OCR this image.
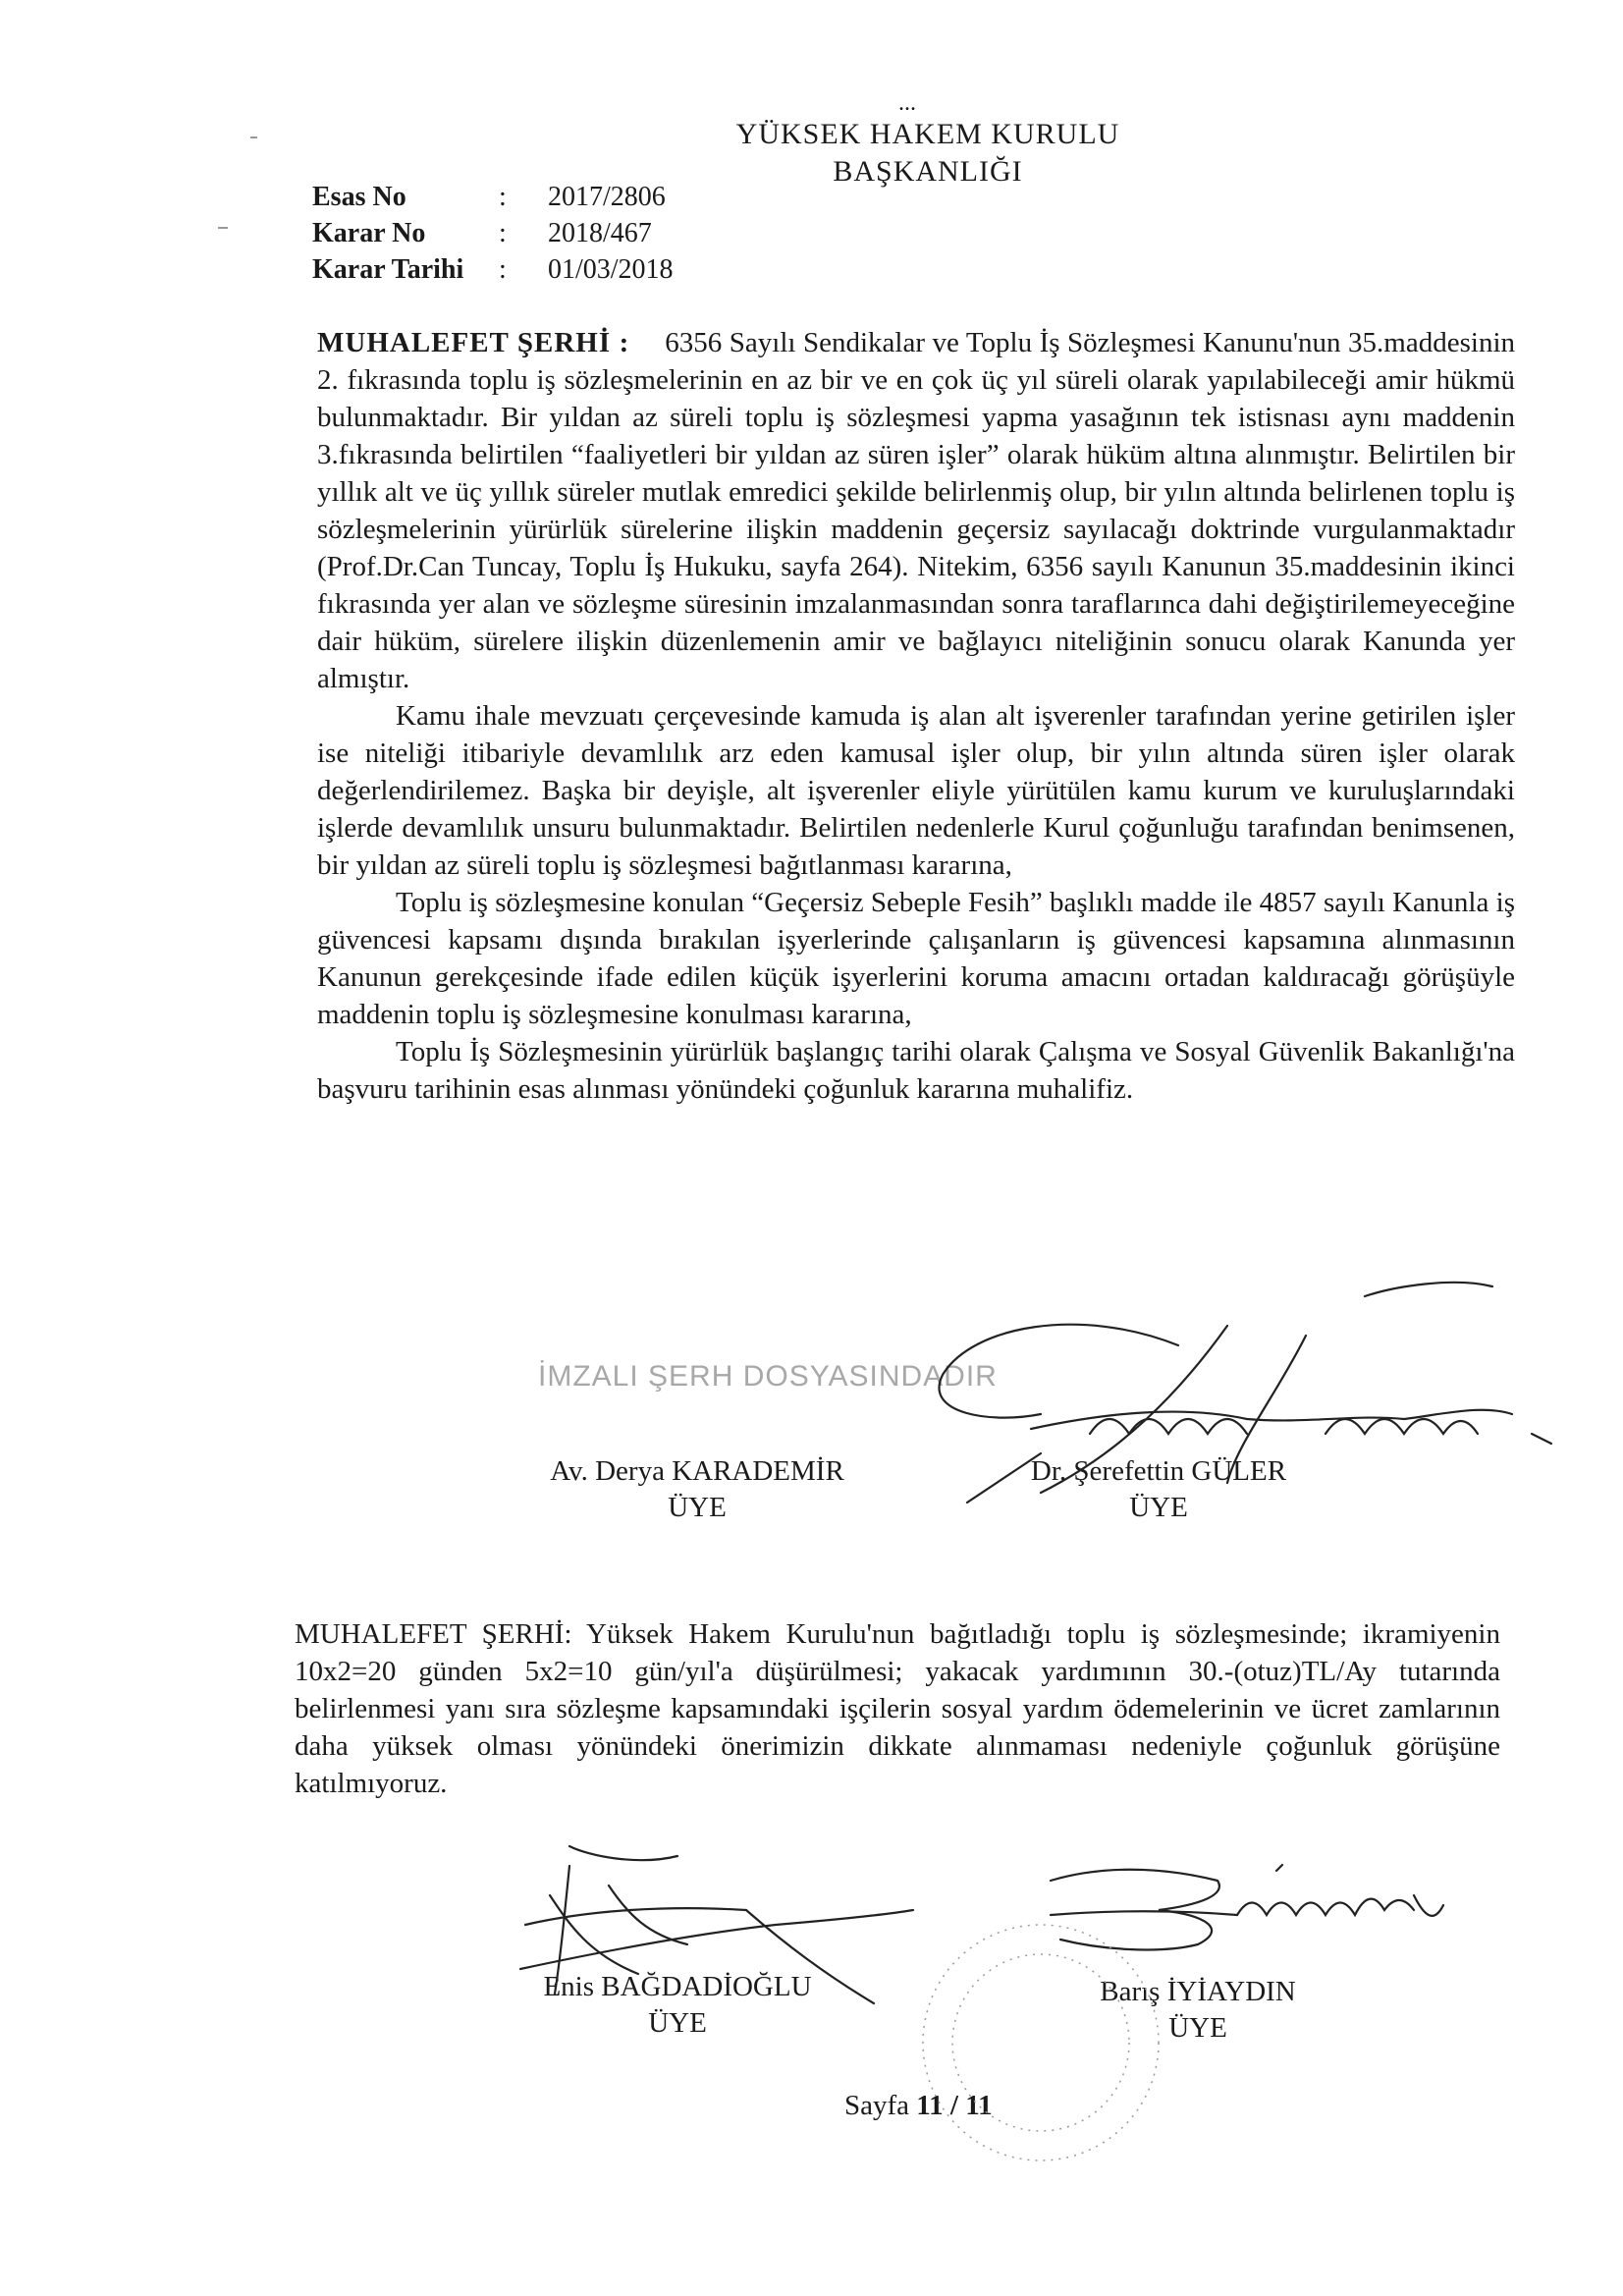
...
YÜKSEK HAKEM KURULU
BAŞKANLIĞI
Esas No	:	2017/2806
Karar No	:	2018/467
Karar Tarihi	:	01/03/2018
MUHALEFET ŞERHİ : 6356 Sayılı Sendikalar ve Toplu İş Sözleşmesi Kanunu'nun 35.maddesinin 2. fıkrasında toplu iş sözleşmelerinin en az bir ve en çok üç yıl süreli olarak yapılabileceği amir hükmü bulunmaktadır. Bir yıldan az süreli toplu iş sözleşmesi yapma yasağının tek istisnası aynı maddenin 3.fıkrasında belirtilen “faaliyetleri bir yıldan az süren işler” olarak hüküm altına alınmıştır. Belirtilen bir yıllık alt ve üç yıllık süreler mutlak emredici şekilde belirlenmiş olup, bir yılın altında belirlenen toplu iş sözleşmelerinin yürürlük sürelerine ilişkin maddenin geçersiz sayılacağı doktrinde vurgulanmaktadır (Prof.Dr.Can Tuncay, Toplu İş Hukuku, sayfa 264). Nitekim, 6356 sayılı Kanunun 35.maddesinin ikinci fıkrasında yer alan ve sözleşme süresinin imzalanmasından sonra taraflarınca dahi değiştirilemeyeceğine dair hüküm, sürelere ilişkin düzenlemenin amir ve bağlayıcı niteliğinin sonucu olarak Kanunda yer almıştır.
Kamu ihale mevzuatı çerçevesinde kamuda iş alan alt işverenler tarafından yerine getirilen işler ise niteliği itibariyle devamlılık arz eden kamusal işler olup, bir yılın altında süren işler olarak değerlendirilemez. Başka bir deyişle, alt işverenler eliyle yürütülen kamu kurum ve kuruluşlarındaki işlerde devamlılık unsuru bulunmaktadır. Belirtilen nedenlerle Kurul çoğunluğu tarafından benimsenen, bir yıldan az süreli toplu iş sözleşmesi bağıtlanması kararına,
Toplu iş sözleşmesine konulan “Geçersiz Sebeple Fesih” başlıklı madde ile 4857 sayılı Kanunla iş güvencesi kapsamı dışında bırakılan işyerlerinde çalışanların iş güvencesi kapsamına alınmasının Kanunun gerekçesinde ifade edilen küçük işyerlerini koruma amacını ortadan kaldıracağı görüşüyle maddenin toplu iş sözleşmesine konulması kararına,
Toplu İş Sözleşmesinin yürürlük başlangıç tarihi olarak Çalışma ve Sosyal Güvenlik Bakanlığı'na başvuru tarihinin esas alınması yönündeki çoğunluk kararına muhalifiz.
İMZALI ŞERH DOSYASINDADIR
Av. Derya KARADEMİR
ÜYE
Dr. Şerefettin GÜLER
ÜYE
MUHALEFET ŞERHİ: Yüksek Hakem Kurulu'nun bağıtladığı toplu iş sözleşmesinde; ikramiyenin 10x2=20 günden 5x2=10 gün/yıl'a düşürülmesi; yakacak yardımının 30.-(otuz)TL/Ay tutarında belirlenmesi yanı sıra sözleşme kapsamındaki işçilerin sosyal yardım ödemelerinin ve ücret zamlarının daha yüksek olması yönündeki önerimizin dikkate alınmaması nedeniyle çoğunluk görüşüne katılmıyoruz.
Enis BAĞDADİOĞLU
ÜYE
Barış İYİAYDIN
ÜYE
Sayfa 11 / 11
